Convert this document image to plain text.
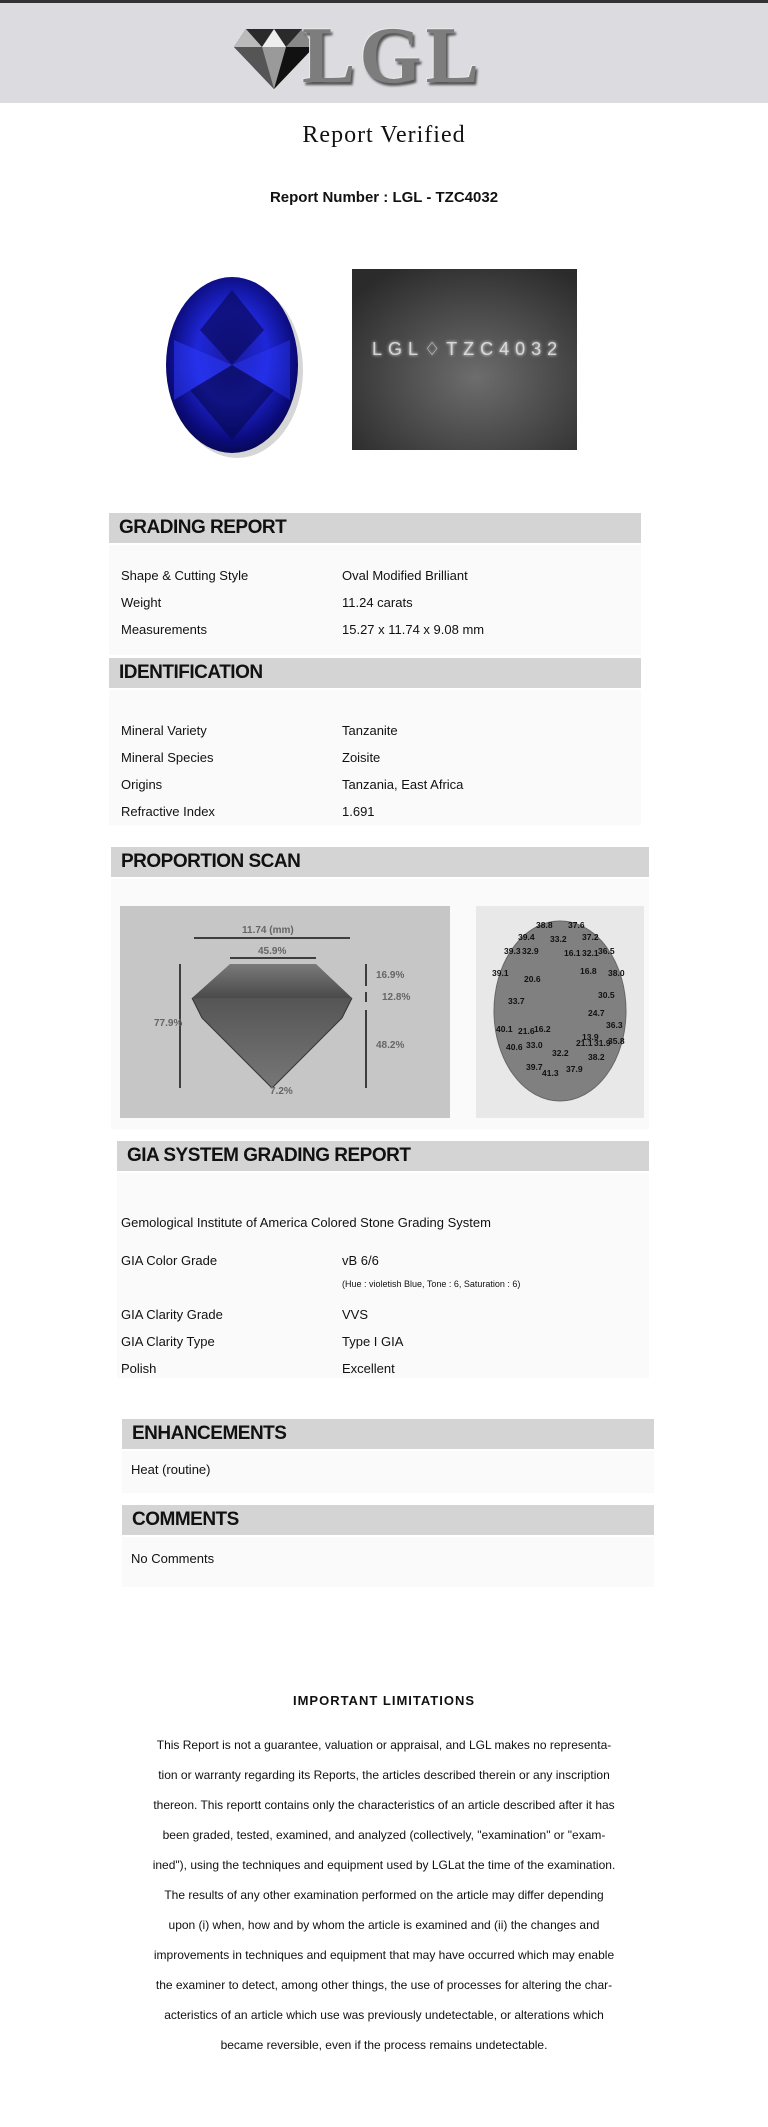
LGL
Report Verified
Report Number : LGL - TZC4032
LGL♢TZC4032
GRADING REPORT
Shape & Cutting Style	Oval Modified Brilliant
Weight	11.24 carats
Measurements	15.27 x 11.74 x 9.08 mm
IDENTIFICATION
Mineral Variety	Tanzanite
Mineral Species	Zoisite
Origins	Tanzania, East Africa
Refractive Index	1.691
PROPORTION SCAN
11.74 (mm)
45.9%
77.9%
16.9%
12.8%
48.2%
7.2%
38.8 37.6
39.4 33.2 37.2
39.3 32.9	16.1 32.1 36.5
39.1	16.8 38.0
20.6
30.5
33.7
24.7
40.1 21.6 16.2
13.9
36.3
40.6 33.0	21.1 31.9
35.8
32.2 38.2
39.7
41.3 37.9
GIA SYSTEM GRADING REPORT
Gemological Institute of America Colored Stone Grading System
GIA Color Grade	vB 6/6
(Hue : violetish Blue, Tone : 6, Saturation : 6)
GIA Clarity Grade	VVS
GIA Clarity Type	Type I GIA
Polish	Excellent
ENHANCEMENTS
Heat (routine)
COMMENTS
No Comments
IMPORTANT LIMITATIONS
This Report is not a guarantee, valuation or appraisal, and LGL makes no representa-
tion or warranty regarding its Reports, the articles described therein or any inscription
thereon. This reportt contains only the characteristics of an article described after it has
been graded, tested, examined, and analyzed (collectively, "examination" or "exam-
ined"), using the techniques and equipment used by LGLat the time of the examination.
The results of any other examination performed on the article may differ depending
upon (i) when, how and by whom the article is examined and (ii) the changes and
improvements in techniques and equipment that may have occurred which may enable
the examiner to detect, among other things, the use of processes for altering the char-
acteristics of an article which use was previously undetectable, or alterations which
became reversible, even if the process remains undetectable.
